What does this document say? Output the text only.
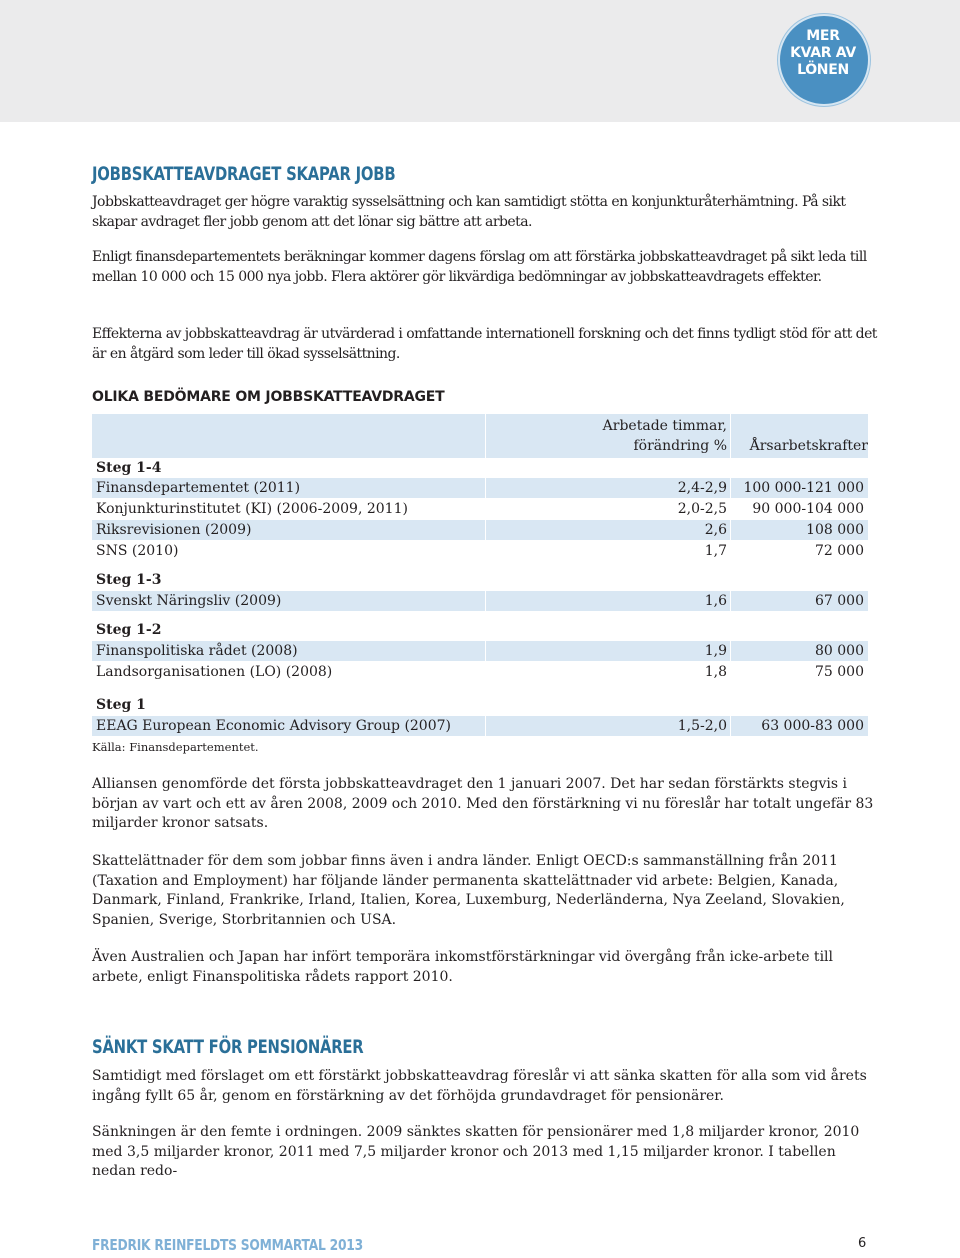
MER
KVAR AV
LÖNEN
JOBBSKATTEAVDRAGET SKAPAR JOBB

Jobbskatteavdraget ger högre varaktig sysselsättning och kan samtidigt stötta en konjunkturåterhämtning. På sikt skapar avdraget fler jobb genom att det lönar sig bättre att arbeta.

Enligt finansdepartementets beräkningar kommer dagens förslag om att förstärka jobbskatteavdraget på sikt leda till mellan 10 000 och 15 000 nya jobb. Flera aktörer gör likvärdiga bedömningar av jobbskatteavdragets effekter.

Effekterna av jobbskatteavdrag är utvärderad i omfattande internationell forskning och det finns tydligt stöd för att det är en åtgärd som leder till ökad sysselsättning.

OLIKA BEDÖMARE OM JOBBSKATTEAVDRAGET
Arbetade timmar,
förändring %	Årsarbetskrafter
Steg 1-4
Finansdepartementet (2011)	2,4-2,9	100 000-121 000
Konjunkturinstitutet (KI) (2006-2009, 2011)	2,0-2,5	90 000-104 000
Riksrevisionen (2009)	2,6	108 000
SNS (2010)	1,7	72 000
Steg 1-3
Svenskt Näringsliv (2009)	1,6	67 000
Steg 1-2
Finanspolitiska rådet (2008)	1,9	80 000
Landsorganisationen (LO) (2008)	1,8	75 000
Steg 1
EEAG European Economic Advisory Group (2007)	1,5-2,0	63 000-83 000
Källa: Finansdepartementet.

Alliansen genomförde det första jobbskatteavdraget den 1 januari 2007. Det har sedan förstärkts stegvis i början av vart och ett av åren 2008, 2009 och 2010. Med den förstärkning vi nu föreslår har totalt ungefär 83 miljarder kronor satsats.

Skattelättnader för dem som jobbar finns även i andra länder. Enligt OECD:s sammanställning från 2011 (Taxation and Employment) har följande länder permanenta skattelättnader vid arbete: Belgien, Kanada, Danmark, Finland, Frankrike, Irland, Italien, Korea, Luxemburg, Nederländerna, Nya Zeeland, Slovakien, Spanien, Sverige, Storbritannien och USA.

Även Australien och Japan har infört temporära inkomstförstärkningar vid övergång från icke-arbete till arbete, enligt Finanspolitiska rådets rapport 2010.

SÄNKT SKATT FÖR PENSIONÄRER

Samtidigt med förslaget om ett förstärkt jobbskatteavdrag föreslår vi att sänka skatten för alla som vid årets ingång fyllt 65 år, genom en förstärkning av det förhöjda grundavdraget för pensionärer.

Sänkningen är den femte i ordningen. 2009 sänktes skatten för pensionärer med 1,8 miljarder kronor, 2010 med 3,5 miljarder kronor, 2011 med 7,5 miljarder kronor och 2013 med 1,15 miljarder kronor. I tabellen nedan redo-

FREDRIK REINFELDTS SOMMARTAL 2013	6
